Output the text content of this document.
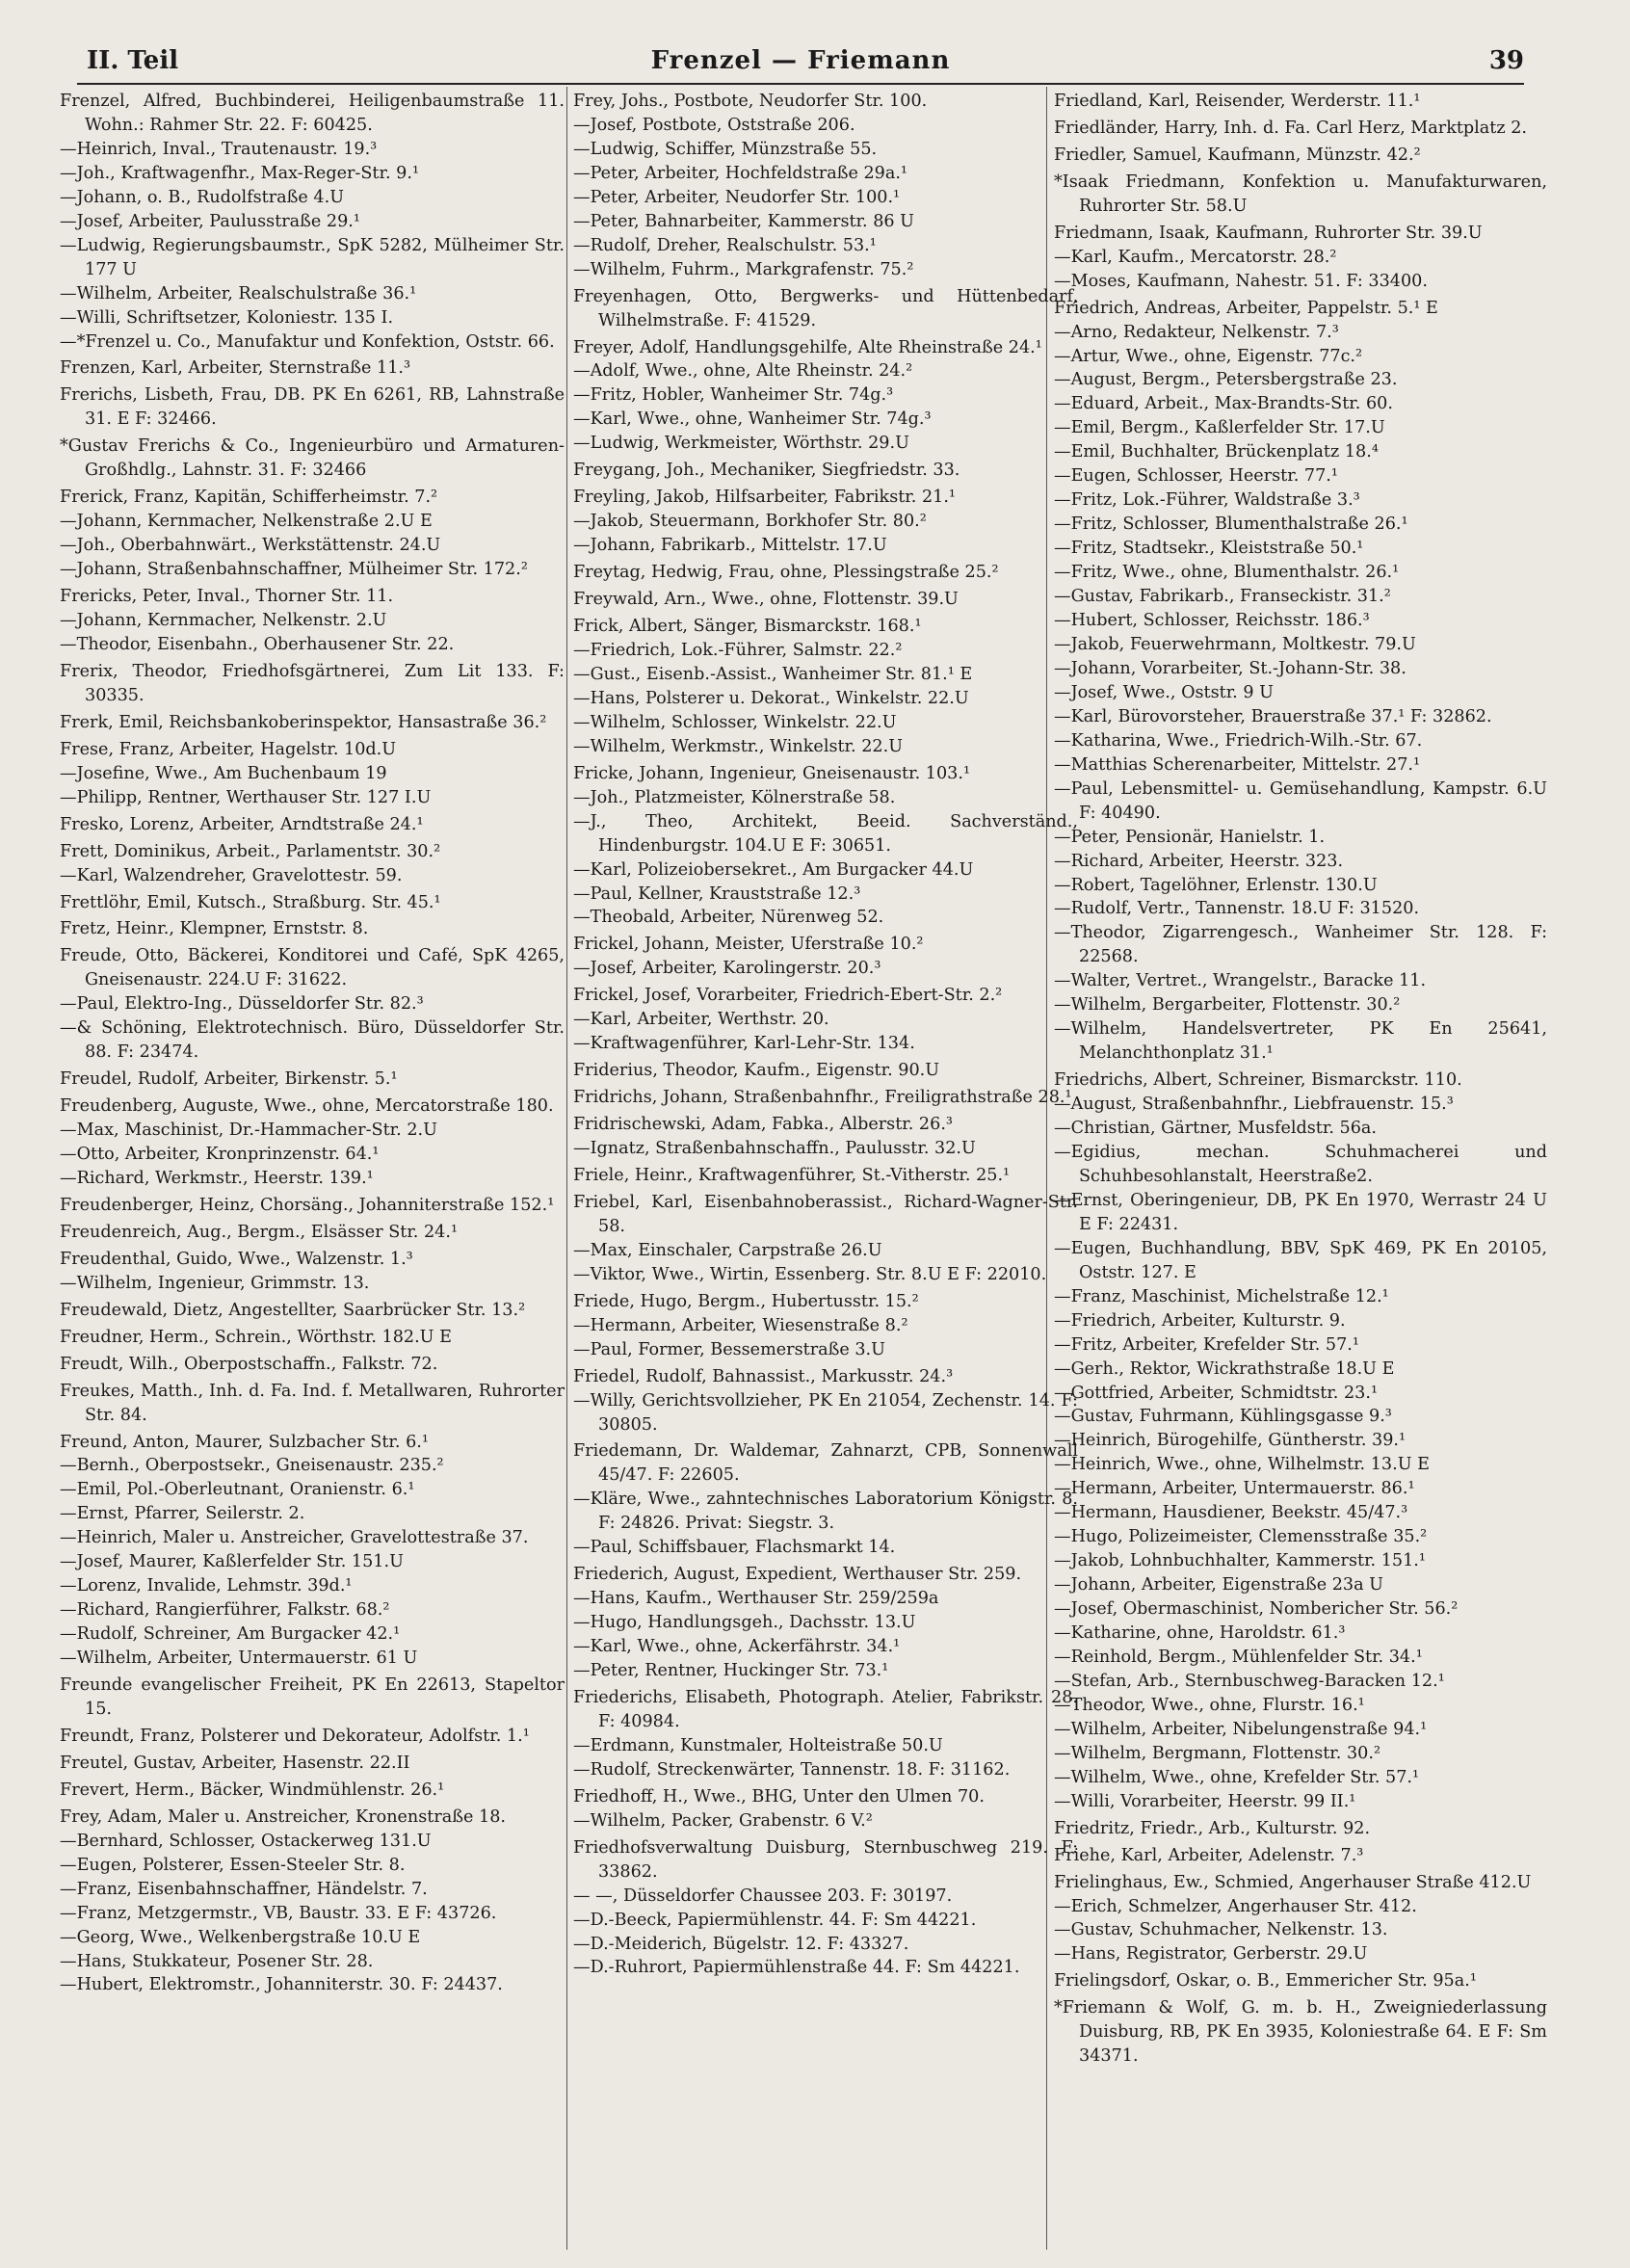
II. Teil	Frenzel — Friemann	39

Frenzel, Alfred, Buchbinderei, Heiligenbaumstraße 11. Wohn.: Rahmer Str. 22. F: 60425.

—Heinrich, Inval., Trautenaustr. 19.³

—Joh., Kraftwagenfhr., Max-Reger-Str. 9.¹

—Johann, o. B., Rudolfstraße 4.U

—Josef, Arbeiter, Paulusstraße 29.¹

—Ludwig, Regierungsbaumstr., SpK 5282, Mülheimer Str. 177 U

—Wilhelm, Arbeiter, Realschulstraße 36.¹

—Willi, Schriftsetzer, Koloniestr. 135 I.

—*Frenzel u. Co., Manufaktur und Konfektion, Oststr. 66.

Frenzen, Karl, Arbeiter, Sternstraße 11.³

Frerichs, Lisbeth, Frau, DB. PK En 6261, RB, Lahnstraße 31. E F: 32466.

*Gustav Frerichs & Co., Ingenieurbüro und Armaturen-Großhdlg., Lahnstr. 31. F: 32466

Frerick, Franz, Kapitän, Schifferheimstr. 7.²

—Johann, Kernmacher, Nelkenstraße 2.U E

—Joh., Oberbahnwärt., Werkstättenstr. 24.U

—Johann, Straßenbahnschaffner, Mülheimer Str. 172.²

Frericks, Peter, Inval., Thorner Str. 11.

—Johann, Kernmacher, Nelkenstr. 2.U

—Theodor, Eisenbahn., Oberhausener Str. 22.

Frerix, Theodor, Friedhofsgärtnerei, Zum Lit 133. F: 30335.

Frerk, Emil, Reichsbankoberinspektor, Hansastraße 36.²

Frese, Franz, Arbeiter, Hagelstr. 10d.U

—Josefine, Wwe., Am Buchenbaum 19

—Philipp, Rentner, Werthauser Str. 127 I.U

Fresko, Lorenz, Arbeiter, Arndtstraße 24.¹

Frett, Dominikus, Arbeit., Parlamentstr. 30.²

—Karl, Walzendreher, Gravelottestr. 59.

Frettlöhr, Emil, Kutsch., Straßburg. Str. 45.¹

Fretz, Heinr., Klempner, Ernststr. 8.

Freude, Otto, Bäckerei, Konditorei und Café, SpK 4265, Gneisenaustr. 224.U F: 31622.

—Paul, Elektro-Ing., Düsseldorfer Str. 82.³

—& Schöning, Elektrotechnisch. Büro, Düsseldorfer Str. 88. F: 23474.

Freudel, Rudolf, Arbeiter, Birkenstr. 5.¹

Freudenberg, Auguste, Wwe., ohne, Mercatorstraße 180.

—Max, Maschinist, Dr.-Hammacher-Str. 2.U

—Otto, Arbeiter, Kronprinzenstr. 64.¹

—Richard, Werkmstr., Heerstr. 139.¹

Freudenberger, Heinz, Chorsäng., Johanniterstraße 152.¹

Freudenreich, Aug., Bergm., Elsässer Str. 24.¹

Freudenthal, Guido, Wwe., Walzenstr. 1.³

—Wilhelm, Ingenieur, Grimmstr. 13.

Freudewald, Dietz, Angestellter, Saarbrücker Str. 13.²

Freudner, Herm., Schrein., Wörthstr. 182.U E

Freudt, Wilh., Oberpostschaffn., Falkstr. 72.

Freukes, Matth., Inh. d. Fa. Ind. f. Metallwaren, Ruhrorter Str. 84.

Freund, Anton, Maurer, Sulzbacher Str. 6.¹

—Bernh., Oberpostsekr., Gneisenaustr. 235.²

—Emil, Pol.-Oberleutnant, Oranienstr. 6.¹

—Ernst, Pfarrer, Seilerstr. 2.

—Heinrich, Maler u. Anstreicher, Gravelottestraße 37.

—Josef, Maurer, Kaßlerfelder Str. 151.U

—Lorenz, Invalide, Lehmstr. 39d.¹

—Richard, Rangierführer, Falkstr. 68.²

—Rudolf, Schreiner, Am Burgacker 42.¹

—Wilhelm, Arbeiter, Untermauerstr. 61 U

Freunde evangelischer Freiheit, PK En 22613, Stapeltor 15.

Freundt, Franz, Polsterer und Dekorateur, Adolfstr. 1.¹

Freutel, Gustav, Arbeiter, Hasenstr. 22.II

Frevert, Herm., Bäcker, Windmühlenstr. 26.¹

Frey, Adam, Maler u. Anstreicher, Kronenstraße 18.

—Bernhard, Schlosser, Ostackerweg 131.U

—Eugen, Polsterer, Essen-Steeler Str. 8.

—Franz, Eisenbahnschaffner, Händelstr. 7.

—Franz, Metzgermstr., VB, Baustr. 33. E F: 43726.

—Georg, Wwe., Welkenbergstraße 10.U E

—Hans, Stukkateur, Posener Str. 28.

—Hubert, Elektromstr., Johanniterstr. 30. F: 24437.

Frey, Johs., Postbote, Neudorfer Str. 100.

—Josef, Postbote, Oststraße 206.

—Ludwig, Schiffer, Münzstraße 55.

—Peter, Arbeiter, Hochfeldstraße 29a.¹

—Peter, Arbeiter, Neudorfer Str. 100.¹

—Peter, Bahnarbeiter, Kammerstr. 86 U

—Rudolf, Dreher, Realschulstr. 53.¹

—Wilhelm, Fuhrm., Markgrafenstr. 75.²

Freyenhagen, Otto, Bergwerks- und Hüttenbedarf, Wilhelmstraße. F: 41529.

Freyer, Adolf, Handlungsgehilfe, Alte Rheinstraße 24.¹

—Adolf, Wwe., ohne, Alte Rheinstr. 24.²

—Fritz, Hobler, Wanheimer Str. 74g.³

—Karl, Wwe., ohne, Wanheimer Str. 74g.³

—Ludwig, Werkmeister, Wörthstr. 29.U

Freygang, Joh., Mechaniker, Siegfriedstr. 33.

Freyling, Jakob, Hilfsarbeiter, Fabrikstr. 21.¹

—Jakob, Steuermann, Borkhofer Str. 80.²

—Johann, Fabrikarb., Mittelstr. 17.U

Freytag, Hedwig, Frau, ohne, Plessingstraße 25.²

Freywald, Arn., Wwe., ohne, Flottenstr. 39.U

Frick, Albert, Sänger, Bismarckstr. 168.¹

—Friedrich, Lok.-Führer, Salmstr. 22.²

—Gust., Eisenb.-Assist., Wanheimer Str. 81.¹ E

—Hans, Polsterer u. Dekorat., Winkelstr. 22.U

—Wilhelm, Schlosser, Winkelstr. 22.U

—Wilhelm, Werkmstr., Winkelstr. 22.U

Fricke, Johann, Ingenieur, Gneisenaustr. 103.¹

—Joh., Platzmeister, Kölnerstraße 58.

—J., Theo, Architekt, Beeid. Sachverständ., Hindenburgstr. 104.U E F: 30651.

—Karl, Polizeiobersekret., Am Burgacker 44.U

—Paul, Kellner, Krauststraße 12.³

—Theobald, Arbeiter, Nürenweg 52.

Frickel, Johann, Meister, Uferstraße 10.²

—Josef, Arbeiter, Karolingerstr. 20.³

Frickel, Josef, Vorarbeiter, Friedrich-Ebert-Str. 2.²

—Karl, Arbeiter, Werthstr. 20.

—Kraftwagenführer, Karl-Lehr-Str. 134.

Friderius, Theodor, Kaufm., Eigenstr. 90.U

Fridrichs, Johann, Straßenbahnfhr., Freiligrathstraße 28.¹

Fridrischewski, Adam, Fabka., Alberstr. 26.³

—Ignatz, Straßenbahnschaffn., Paulusstr. 32.U

Friele, Heinr., Kraftwagenführer, St.-Vitherstr. 25.¹

Friebel, Karl, Eisenbahnoberassist., Richard-Wagner-Str. 58.

—Max, Einschaler, Carpstraße 26.U

—Viktor, Wwe., Wirtin, Essenberg. Str. 8.U E F: 22010.

Friede, Hugo, Bergm., Hubertusstr. 15.²

—Hermann, Arbeiter, Wiesenstraße 8.²

—Paul, Former, Bessemerstraße 3.U

Friedel, Rudolf, Bahnassist., Markusstr. 24.³

—Willy, Gerichtsvollzieher, PK En 21054, Zechenstr. 14. F: 30805.

Friedemann, Dr. Waldemar, Zahnarzt, CPB, Sonnenwall 45/47. F: 22605.

—Kläre, Wwe., zahntechnisches Laboratorium Königstr. 8. F: 24826. Privat: Siegstr. 3.

—Paul, Schiffsbauer, Flachsmarkt 14.

Friederich, August, Expedient, Werthauser Str. 259.

—Hans, Kaufm., Werthauser Str. 259/259a

—Hugo, Handlungsgeh., Dachsstr. 13.U

—Karl, Wwe., ohne, Ackerfährstr. 34.¹

—Peter, Rentner, Huckinger Str. 73.¹

Friederichs, Elisabeth, Photograph. Atelier, Fabrikstr. 28. F: 40984.

—Erdmann, Kunstmaler, Holteistraße 50.U

—Rudolf, Streckenwärter, Tannenstr. 18. F: 31162.

Friedhoff, H., Wwe., BHG, Unter den Ulmen 70.

—Wilhelm, Packer, Grabenstr. 6 V.²

Friedhofsverwaltung Duisburg, Sternbuschweg 219. F: 33862.

— —, Düsseldorfer Chaussee 203. F: 30197.

—D.-Beeck, Papiermühlenstr. 44. F: Sm 44221.

—D.-Meiderich, Bügelstr. 12. F: 43327.

—D.-Ruhrort, Papiermühlenstraße 44. F: Sm 44221.

Friedland, Karl, Reisender, Werderstr. 11.¹

Friedländer, Harry, Inh. d. Fa. Carl Herz, Marktplatz 2.

Friedler, Samuel, Kaufmann, Münzstr. 42.²

*Isaak Friedmann, Konfektion u. Manufakturwaren, Ruhrorter Str. 58.U

Friedmann, Isaak, Kaufmann, Ruhrorter Str. 39.U

—Karl, Kaufm., Mercatorstr. 28.²

—Moses, Kaufmann, Nahestr. 51. F: 33400.

Friedrich, Andreas, Arbeiter, Pappelstr. 5.¹ E

—Arno, Redakteur, Nelkenstr. 7.³

—Artur, Wwe., ohne, Eigenstr. 77c.²

—August, Bergm., Petersbergstraße 23.

—Eduard, Arbeit., Max-Brandts-Str. 60.

—Emil, Bergm., Kaßlerfelder Str. 17.U

—Emil, Buchhalter, Brückenplatz 18.⁴

—Eugen, Schlosser, Heerstr. 77.¹

—Fritz, Lok.-Führer, Waldstraße 3.³

—Fritz, Schlosser, Blumenthalstraße 26.¹

—Fritz, Stadtsekr., Kleiststraße 50.¹

—Fritz, Wwe., ohne, Blumenthalstr. 26.¹

—Gustav, Fabrikarb., Franseckistr. 31.²

—Hubert, Schlosser, Reichsstr. 186.³

—Jakob, Feuerwehrmann, Moltkestr. 79.U

—Johann, Vorarbeiter, St.-Johann-Str. 38.

—Josef, Wwe., Oststr. 9 U

—Karl, Bürovorsteher, Brauerstraße 37.¹ F: 32862.

—Katharina, Wwe., Friedrich-Wilh.-Str. 67.

—Matthias Scherenarbeiter, Mittelstr. 27.¹

—Paul, Lebensmittel- u. Gemüsehandlung, Kampstr. 6.U F: 40490.

—Peter, Pensionär, Hanielstr. 1.

—Richard, Arbeiter, Heerstr. 323.

—Robert, Tagelöhner, Erlenstr. 130.U

—Rudolf, Vertr., Tannenstr. 18.U F: 31520.

—Theodor, Zigarrengesch., Wanheimer Str. 128. F: 22568.

—Walter, Vertret., Wrangelstr., Baracke 11.

—Wilhelm, Bergarbeiter, Flottenstr. 30.²

—Wilhelm, Handelsvertreter, PK En 25641, Melanchthonplatz 31.¹

Friedrichs, Albert, Schreiner, Bismarckstr. 110.

—August, Straßenbahnfhr., Liebfrauenstr. 15.³

—Christian, Gärtner, Musfeldstr. 56a.

—Egidius, mechan. Schuhmacherei und Schuhbesohlanstalt, Heerstraße2.

—Ernst, Oberingenieur, DB, PK En 1970, Werrastr 24 U E F: 22431.

—Eugen, Buchhandlung, BBV, SpK 469, PK En 20105, Oststr. 127. E

—Franz, Maschinist, Michelstraße 12.¹

—Friedrich, Arbeiter, Kulturstr. 9.

—Fritz, Arbeiter, Krefelder Str. 57.¹

—Gerh., Rektor, Wickrathstraße 18.U E

—Gottfried, Arbeiter, Schmidtstr. 23.¹

—Gustav, Fuhrmann, Kühlingsgasse 9.³

—Heinrich, Bürogehilfe, Güntherstr. 39.¹

—Heinrich, Wwe., ohne, Wilhelmstr. 13.U E

—Hermann, Arbeiter, Untermauerstr. 86.¹

—Hermann, Hausdiener, Beekstr. 45/47.³

—Hugo, Polizeimeister, Clemensstraße 35.²

—Jakob, Lohnbuchhalter, Kammerstr. 151.¹

—Johann, Arbeiter, Eigenstraße 23a U

—Josef, Obermaschinist, Nombericher Str. 56.²

—Katharine, ohne, Haroldstr. 61.³

—Reinhold, Bergm., Mühlenfelder Str. 34.¹

—Stefan, Arb., Sternbuschweg-Baracken 12.¹

—Theodor, Wwe., ohne, Flurstr. 16.¹

—Wilhelm, Arbeiter, Nibelungenstraße 94.¹

—Wilhelm, Bergmann, Flottenstr. 30.²

—Wilhelm, Wwe., ohne, Krefelder Str. 57.¹

—Willi, Vorarbeiter, Heerstr. 99 II.¹

Friedritz, Friedr., Arb., Kulturstr. 92.

Friehe, Karl, Arbeiter, Adelenstr. 7.³

Frielinghaus, Ew., Schmied, Angerhauser Straße 412.U

—Erich, Schmelzer, Angerhauser Str. 412.

—Gustav, Schuhmacher, Nelkenstr. 13.

—Hans, Registrator, Gerberstr. 29.U

Frielingsdorf, Oskar, o. B., Emmericher Str. 95a.¹

*Friemann & Wolf, G. m. b. H., Zweigniederlassung Duisburg, RB, PK En 3935, Koloniestraße 64. E F: Sm 34371.
